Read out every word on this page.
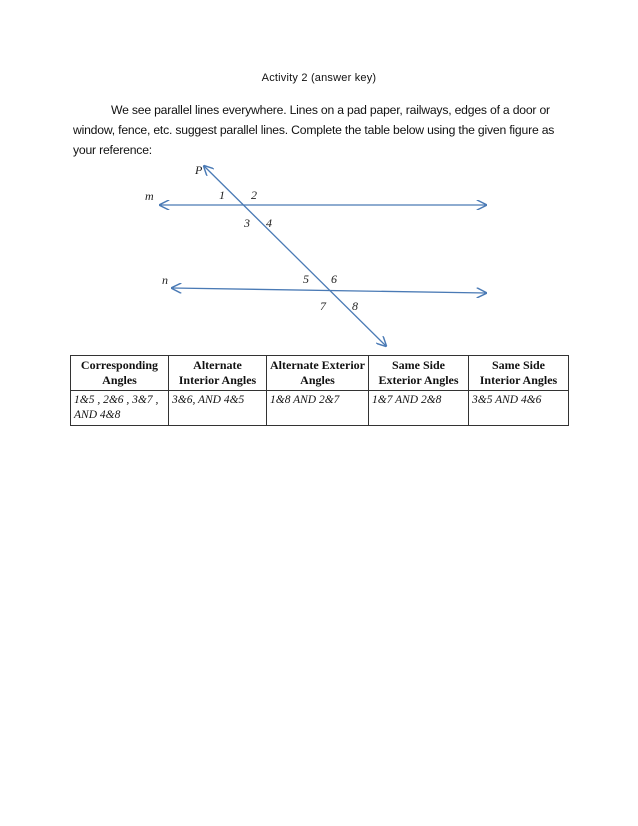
Activity 2 (answer key)

We see parallel lines everywhere. Lines on a pad paper, railways, edges of a door or window, fence, etc. suggest parallel lines. Complete the table below using the given figure as your reference:

P
m
n
1 2
3 4
5 6
7 8
Corresponding Angles	Alternate Interior Angles	Alternate Exterior Angles	Same Side Exterior Angles	Same Side Interior Angles
1&5 , 2&6 , 3&7 , AND 4&8	3&6, AND 4&5	1&8 AND 2&7	1&7 AND 2&8	3&5 AND 4&6
